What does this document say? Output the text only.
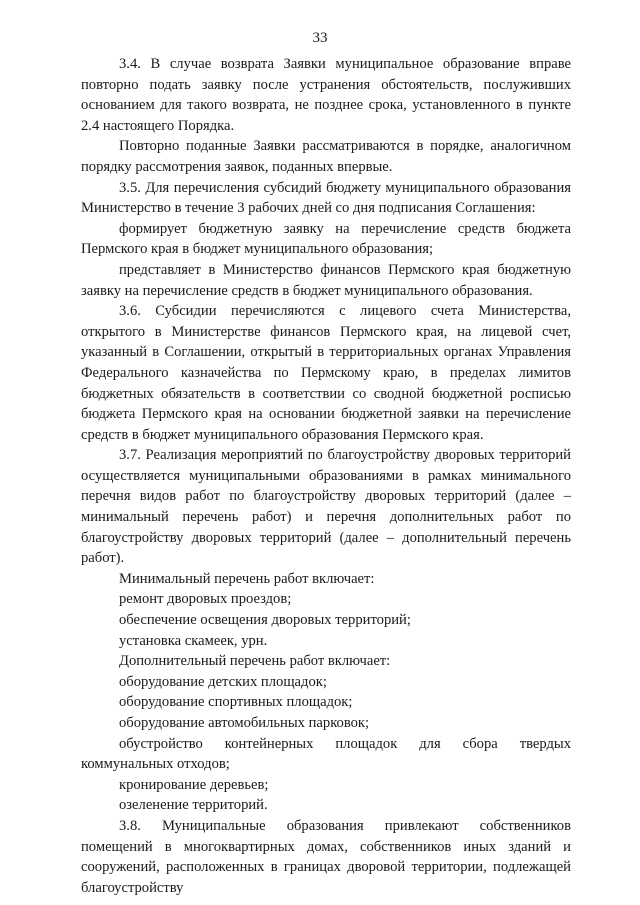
33

3.4. В случае возврата Заявки муниципальное образование вправе повторно подать заявку после устранения обстоятельств, послуживших основанием для такого возврата, не позднее срока, установленного в пункте 2.4 настоящего Порядка.

Повторно поданные Заявки рассматриваются в порядке, аналогичном порядку рассмотрения заявок, поданных впервые.

3.5. Для перечисления субсидий бюджету муниципального образования Министерство в течение 3 рабочих дней со дня подписания Соглашения:

формирует бюджетную заявку на перечисление средств бюджета Пермского края в бюджет муниципального образования;

представляет в Министерство финансов Пермского края бюджетную заявку на перечисление средств в бюджет муниципального образования.

3.6. Субсидии перечисляются с лицевого счета Министерства, открытого в Министерстве финансов Пермского края, на лицевой счет, указанный в Соглашении, открытый в территориальных органах Управления Федерального казначейства по Пермскому краю, в пределах лимитов бюджетных обязательств в соответствии со сводной бюджетной росписью бюджета Пермского края на основании бюджетной заявки на перечисление средств в бюджет муниципального образования Пермского края.

3.7. Реализация мероприятий по благоустройству дворовых территорий осуществляется муниципальными образованиями в рамках минимального перечня видов работ по благоустройству дворовых территорий (далее – минимальный перечень работ) и перечня дополнительных работ по благоустройству дворовых территорий (далее – дополнительный перечень работ).

Минимальный перечень работ включает:

ремонт дворовых проездов;

обеспечение освещения дворовых территорий;

установка скамеек, урн.

Дополнительный перечень работ включает:

оборудование детских площадок;

оборудование спортивных площадок;

оборудование автомобильных парковок;

обустройство контейнерных площадок для сбора твердых коммунальных отходов;

кронирование деревьев;

озеленение территорий.

3.8. Муниципальные образования привлекают собственников помещений в многоквартирных домах, собственников иных зданий и сооружений, расположенных в границах дворовой территории, подлежащей благоустройству
